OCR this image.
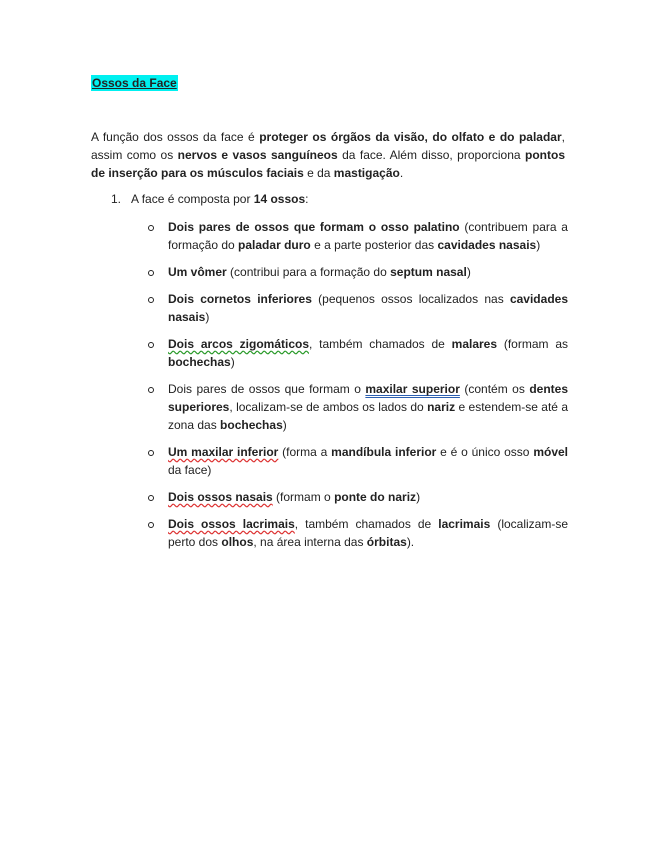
Ossos da Face

A função dos ossos da face é proteger os órgãos da visão, do olfato e do paladar, assim como os nervos e vasos sanguíneos da face. Além disso, proporciona pontos de inserção para os músculos faciais e da mastigação.

1. A face é composta por 14 ossos:

Dois pares de ossos que formam o osso palatino (contribuem para a formação do paladar duro e a parte posterior das cavidades nasais)
Um vômer (contribui para a formação do septum nasal)
Dois cornetos inferiores (pequenos ossos localizados nas cavidades nasais)
Dois arcos zigomáticos, também chamados de malares (formam as bochechas)
Dois pares de ossos que formam o maxilar superior (contém os dentes superiores, localizam-se de ambos os lados do nariz e estendem-se até a zona das bochechas)
Um maxilar inferior (forma a mandíbula inferior e é o único osso móvel da face)
Dois ossos nasais (formam o ponte do nariz)
Dois ossos lacrimais, também chamados de lacrimais (localizam-se perto dos olhos, na área interna das órbitas).
